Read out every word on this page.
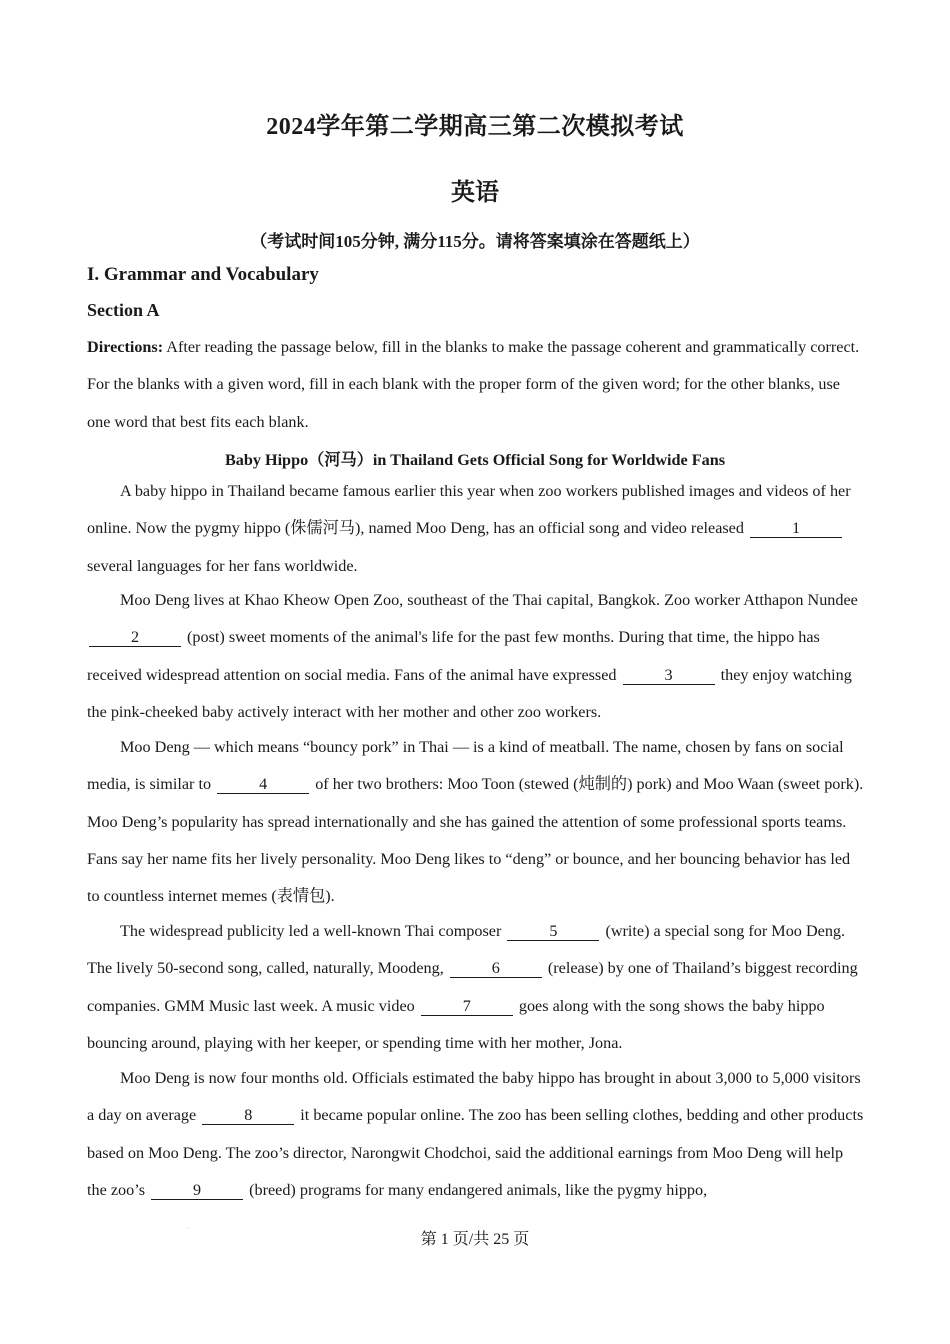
2024学年第二学期高三第二次模拟考试
英语
（考试时间105分钟, 满分115分。请将答案填涂在答题纸上）
I. Grammar and Vocabulary
Section A
Directions: After reading the passage below, fill in the blanks to make the passage coherent and grammatically correct. For the blanks with a given word, fill in each blank with the proper form of the given word; for the other blanks, use one word that best fits each blank.
Baby Hippo（河马）in Thailand Gets Official Song for Worldwide Fans
A baby hippo in Thailand became famous earlier this year when zoo workers published images and videos of her online. Now the pygmy hippo (侏儒河马), named Moo Deng, has an official song and video released	1 several languages for her fans worldwide.
Moo Deng lives at Khao Kheow Open Zoo, southeast of the Thai capital, Bangkok. Zoo worker Atthapon Nundee 2	(post) sweet moments of the animal's life for the past few months. During that time, the hippo has received widespread attention on social media. Fans of the animal have expressed	3	they enjoy watching the pink-cheeked baby actively interact with her mother and other zoo workers.
Moo Deng — which means “bouncy pork” in Thai — is a kind of meatball. The name, chosen by fans on social media, is similar to	4	of her two brothers: Moo Toon (stewed (炖制的) pork) and Moo Waan (sweet pork). Moo Deng’s popularity has spread internationally and she has gained the attention of some professional sports teams. Fans say her name fits her lively personality. Moo Deng likes to “deng” or bounce, and her bouncing behavior has led to countless internet memes (表情包).
The widespread publicity led a well-known Thai composer	5	(write) a special song for Moo Deng. The lively 50-second song, called, naturally, Moodeng,	6	(release) by one of Thailand’s biggest recording companies. GMM Music last week. A music video	7	goes along with the song shows the baby hippo bouncing around, playing with her keeper, or spending time with her mother, Jona.
Moo Deng is now four months old. Officials estimated the baby hippo has brought in about 3,000 to 5,000 visitors a day on average	8	it became popular online. The zoo has been selling clothes, bedding and other products based on Moo Deng. The zoo’s director, Narongwit Chodchoi, said the additional earnings from Moo Deng will help the zoo’s	9	(breed) programs for many endangered animals, like the pygmy hippo,
·
第 1 页/共 25 页
